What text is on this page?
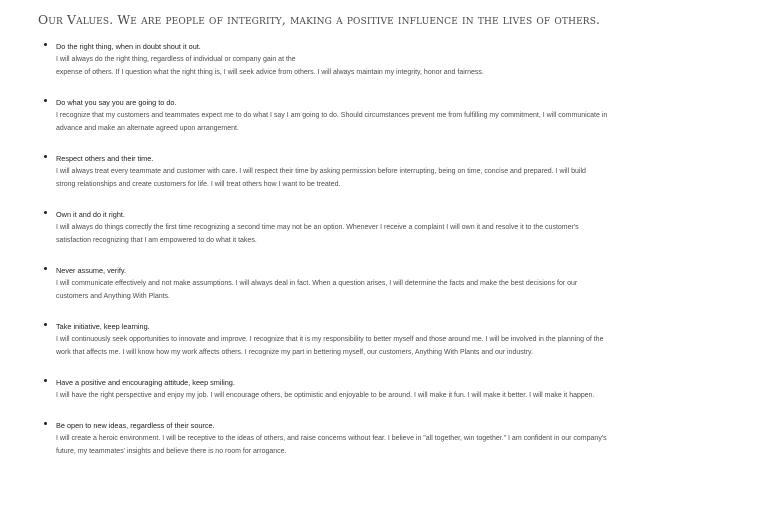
Our Values. We are people of integrity, making a positive influence in the lives of others.
Do the right thing, when in doubt shout it out.
I will always do the right thing, regardless of individual or company gain at the
expense of others. If I question what the right thing is, I will seek advice from others. I will always maintain my integrity, honor and fairness.
Do what you say you are going to do.
I recognize that my customers and teammates expect me to do what I say I am going to do. Should circumstances prevent me from fulfilling my commitment, I will communicate in
advance and make an alternate agreed upon arrangement.
Respect others and their time.
I will always treat every teammate and customer with care. I will respect their time by asking permission before interrupting, being on time, concise and prepared. I will build
strong relationships and create customers for life. I will treat others how I want to be treated.
Own it and do it right.
I will always do things correctly the first time recognizing a second time may not be an option. Whenever I receive a complaint I will own it and resolve it to the customer's
satisfaction recognizing that I am empowered to do what it takes.
Never assume, verify.
I will communicate effectively and not make assumptions. I will always deal in fact. When a question arises, I will determine the facts and make the best decisions for our
customers and Anything With Plants.
Take initiative, keep learning.
I will continuously seek opportunities to innovate and improve. I recognize that it is my responsibility to better myself and those around me. I will be involved in the planning of the
work that affects me. I will know how my work affects others. I recognize my part in bettering myself, our customers, Anything With Plants and our industry.
Have a positive and encouraging attitude, keep smiling.
I will have the right perspective and enjoy my job. I will encourage others, be optimistic and enjoyable to be around. I will make it fun. I will make it better. I will make it happen.
Be open to new ideas, regardless of their source.
I will create a heroic environment. I will be receptive to the ideas of others, and raise concerns without fear. I believe in "all together, win together." I am confident in our company's
future, my teammates' insights and believe there is no room for arrogance.
